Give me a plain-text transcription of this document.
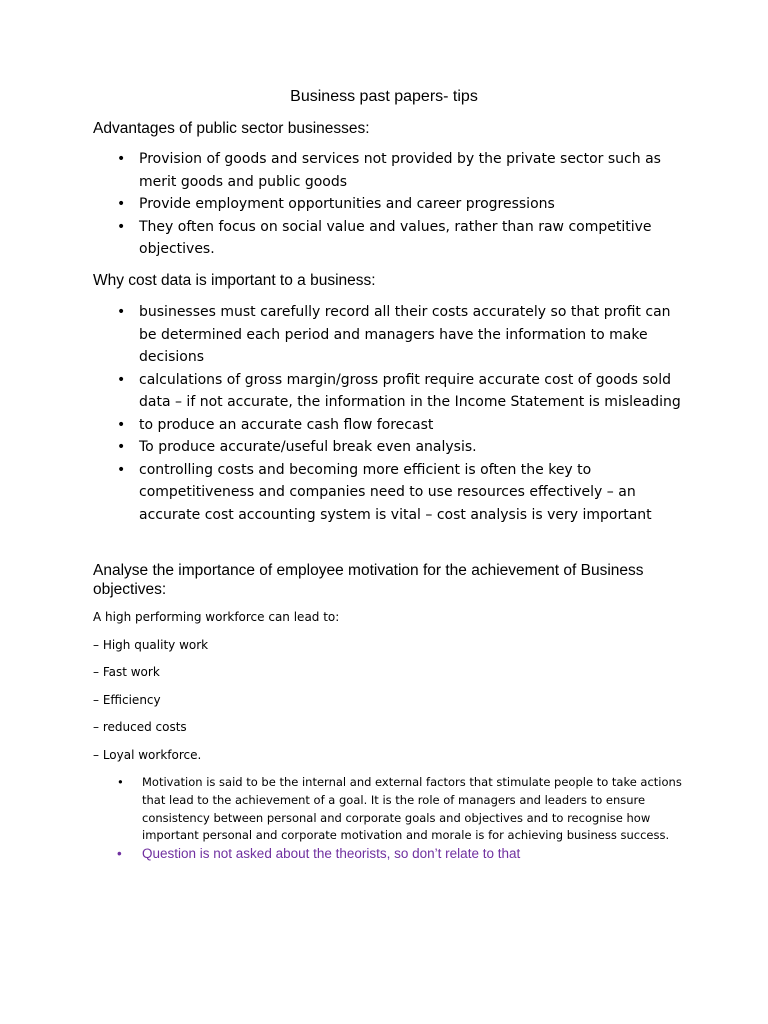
Business past papers- tips
Advantages of public sector businesses:
• Provision of goods and services not provided by the private sector such as merit goods and public goods
• Provide employment opportunities and career progressions
• They often focus on social value and values, rather than raw competitive objectives.
Why cost data is important to a business:
• businesses must carefully record all their costs accurately so that profit can be determined each period and managers have the information to make decisions
• calculations of gross margin/gross profit require accurate cost of goods sold data – if not accurate, the information in the Income Statement is misleading
• to produce an accurate cash flow forecast
• To produce accurate/useful break even analysis.
• controlling costs and becoming more efficient is often the key to competitiveness and companies need to use resources effectively – an accurate cost accounting system is vital – cost analysis is very important
Analyse the importance of employee motivation for the achievement of Business objectives:
A high performing workforce can lead to:
– High quality work
– Fast work
– Efficiency
– reduced costs
– Loyal workforce.
• Motivation is said to be the internal and external factors that stimulate people to take actions that lead to the achievement of a goal. It is the role of managers and leaders to ensure consistency between personal and corporate goals and objectives and to recognise how important personal and corporate motivation and morale is for achieving business success.
• Question is not asked about the theorists, so don’t relate to that
